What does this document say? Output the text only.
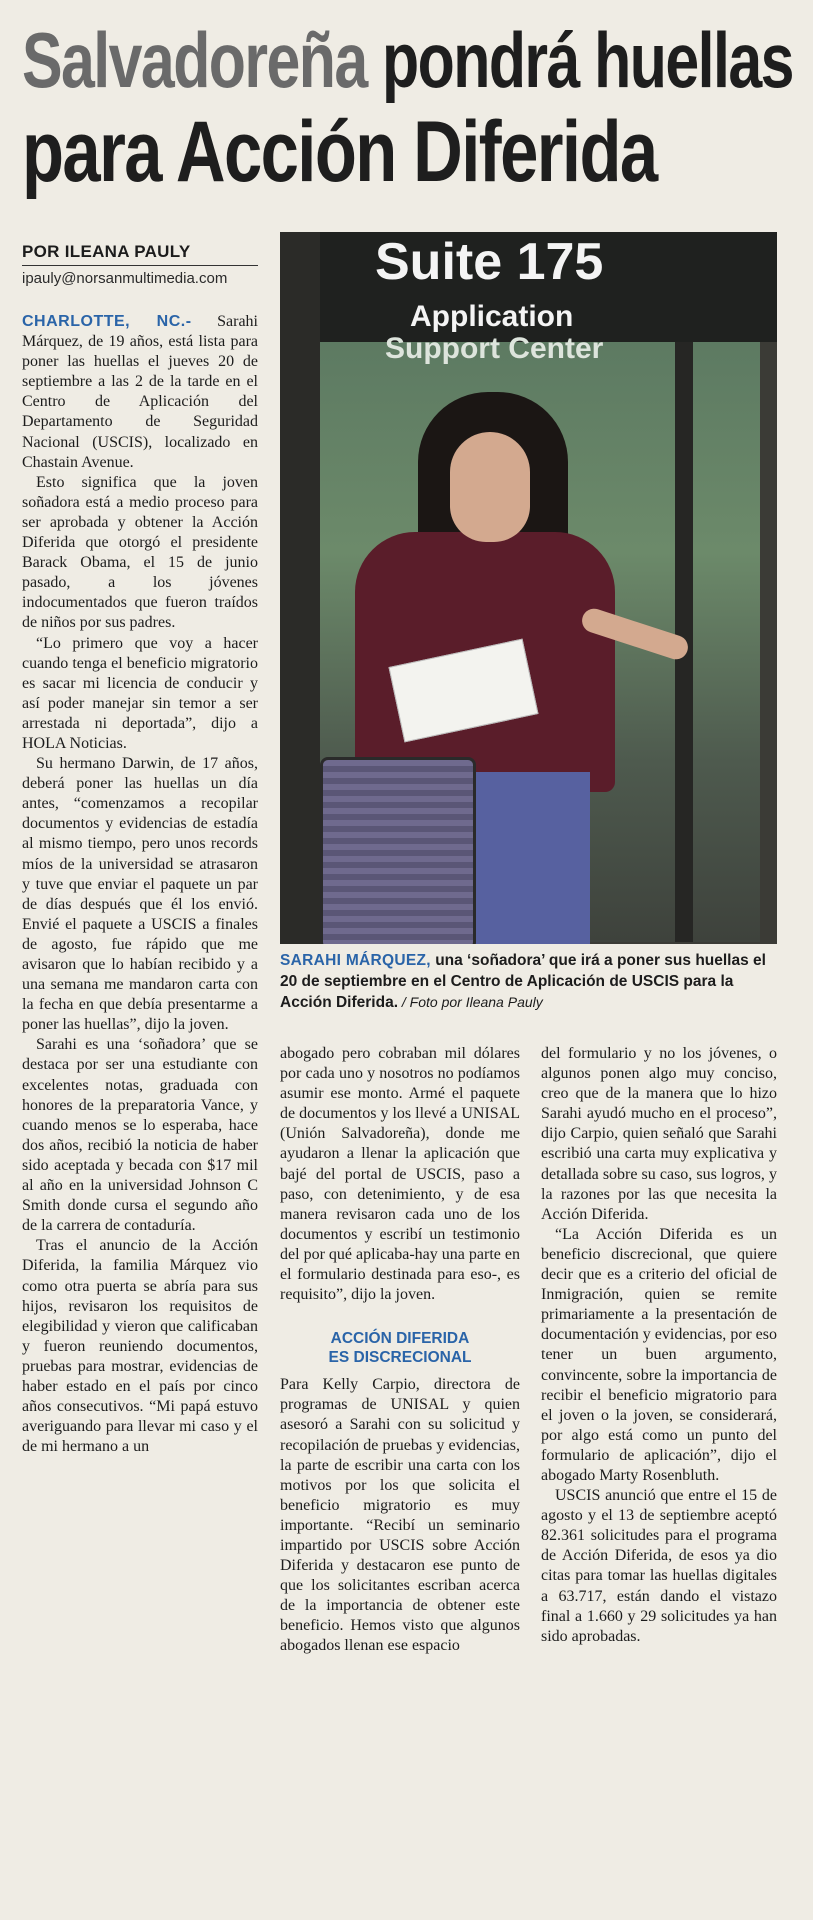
Salvadoreña pondrá huellas
para Acción Diferida
POR ILEANA PAULY
ipauly@norsanmultimedia.com

CHARLOTTE, NC.- Sarahi Márquez, de 19 años, está lista para poner las huellas el jueves 20 de septiembre a las 2 de la tarde en el Centro de Aplicación del Departamento de Seguridad Nacional (USCIS), localizado en Chastain Avenue.

Esto significa que la joven soñadora está a medio proceso para ser aprobada y obtener la Acción Diferida que otorgó el presidente Barack Obama, el 15 de junio pasado, a los jóvenes indocumentados que fueron traídos de niños por sus padres.

“Lo primero que voy a hacer cuando tenga el beneficio migratorio es sacar mi licencia de conducir y así poder manejar sin temor a ser arrestada ni deportada”, dijo a HOLA Noticias.

Su hermano Darwin, de 17 años, deberá poner las huellas un día antes, “comenzamos a recopilar documentos y evidencias de estadía al mismo tiempo, pero unos records míos de la universidad se atrasaron y tuve que enviar el paquete un par de días después que él los envió. Envié el paquete a USCIS a finales de agosto, fue rápido que me avisaron que lo habían recibido y a una semana me mandaron carta con la fecha en que debía presentarme a poner las huellas”, dijo la joven.

Sarahi es una ‘soñadora’ que se destaca por ser una estudiante con excelentes notas, graduada con honores de la preparatoria Vance, y cuando menos se lo esperaba, hace dos años, recibió la noticia de haber sido aceptada y becada con $17 mil al año en la universidad Johnson C Smith donde cursa el segundo año de la carrera de contaduría.

Tras el anuncio de la Acción Diferida, la familia Márquez vio como otra puerta se abría para sus hijos, revisaron los requisitos de elegibilidad y vieron que calificaban y fueron reuniendo documentos, pruebas para mostrar, evidencias de haber estado en el país por cinco años consecutivos. “Mi papá estuvo averiguando para llevar mi caso y el de mi hermano a un

Suite 175
Application
Support Center
SARAHI MÁRQUEZ, una ‘soñadora’ que irá a poner sus huellas el 20 de septiembre en el Centro de Aplicación de USCIS para la Acción Diferida. / Foto por Ileana Pauly

abogado pero cobraban mil dólares por cada uno y nosotros no podíamos asumir ese monto. Armé el paquete de documentos y los llevé a UNISAL (Unión Salvadoreña), donde me ayudaron a llenar la aplicación que bajé del portal de USCIS, paso a paso, con detenimiento, y de esa manera revisaron cada uno de los documentos y escribí un testimonio del por qué aplicaba-hay una parte en el formulario destinada para eso-, es requisito”, dijo la joven.

ACCIÓN DIFERIDA
ES DISCRECIONAL

Para Kelly Carpio, directora de programas de UNISAL y quien asesoró a Sarahi con su solicitud y recopilación de pruebas y evidencias, la parte de escribir una carta con los motivos por los que solicita el beneficio migratorio es muy importante. “Recibí un seminario impartido por USCIS sobre Acción Diferida y destacaron ese punto de que los solicitantes escriban acerca de la importancia de obtener este beneficio. Hemos visto que algunos abogados llenan ese espacio

del formulario y no los jóvenes, o algunos ponen algo muy conciso, creo que de la manera que lo hizo Sarahi ayudó mucho en el proceso”, dijo Carpio, quien señaló que Sarahi escribió una carta muy explicativa y detallada sobre su caso, sus logros, y la razones por las que necesita la Acción Diferida.

“La Acción Diferida es un beneficio discrecional, que quiere decir que es a criterio del oficial de Inmigración, quien se remite primariamente a la presentación de documentación y evidencias, por eso tener un buen argumento, convincente, sobre la importancia de recibir el beneficio migratorio para el joven o la joven, se considerará, por algo está como un punto del formulario de aplicación”, dijo el abogado Marty Rosenbluth.

USCIS anunció que entre el 15 de agosto y el 13 de septiembre aceptó 82.361 solicitudes para el programa de Acción Diferida, de esos ya dio citas para tomar las huellas digitales a 63.717, están dando el vistazo final a 1.660 y 29 solicitudes ya han sido aprobadas.
